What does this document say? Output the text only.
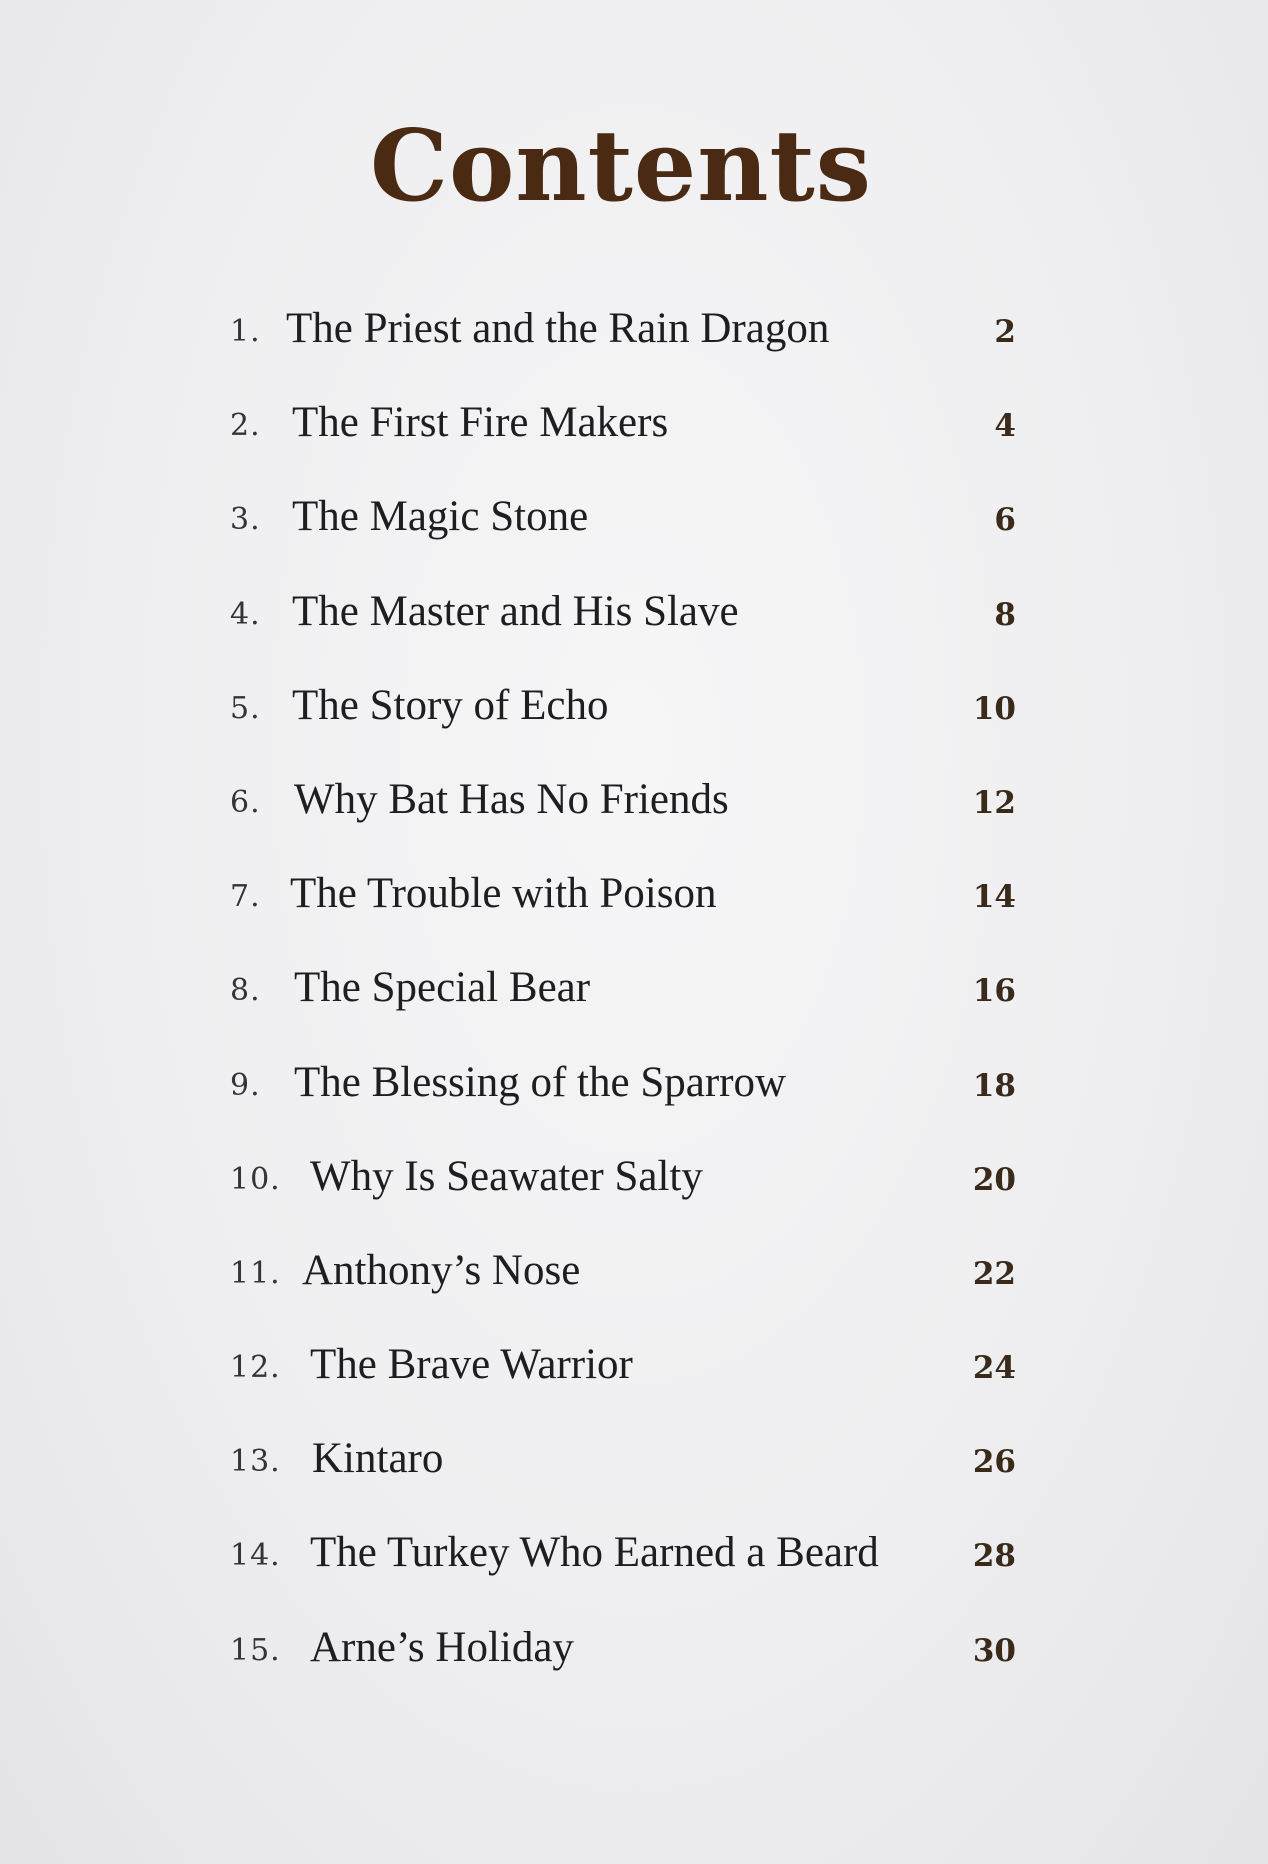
Contents
1. The Priest and the Rain Dragon	2
2. The First Fire Makers	4
3. The Magic Stone	6
4. The Master and His Slave	8
5. The Story of Echo	10
6. Why Bat Has No Friends	12
7. The Trouble with Poison	14
8. The Special Bear	16
9. The Blessing of the Sparrow	18
10. Why Is Seawater Salty	20
11. Anthony’s Nose	22
12. The Brave Warrior	24
13. Kintaro	26
14. The Turkey Who Earned a Beard	28
15. Arne’s Holiday	30
